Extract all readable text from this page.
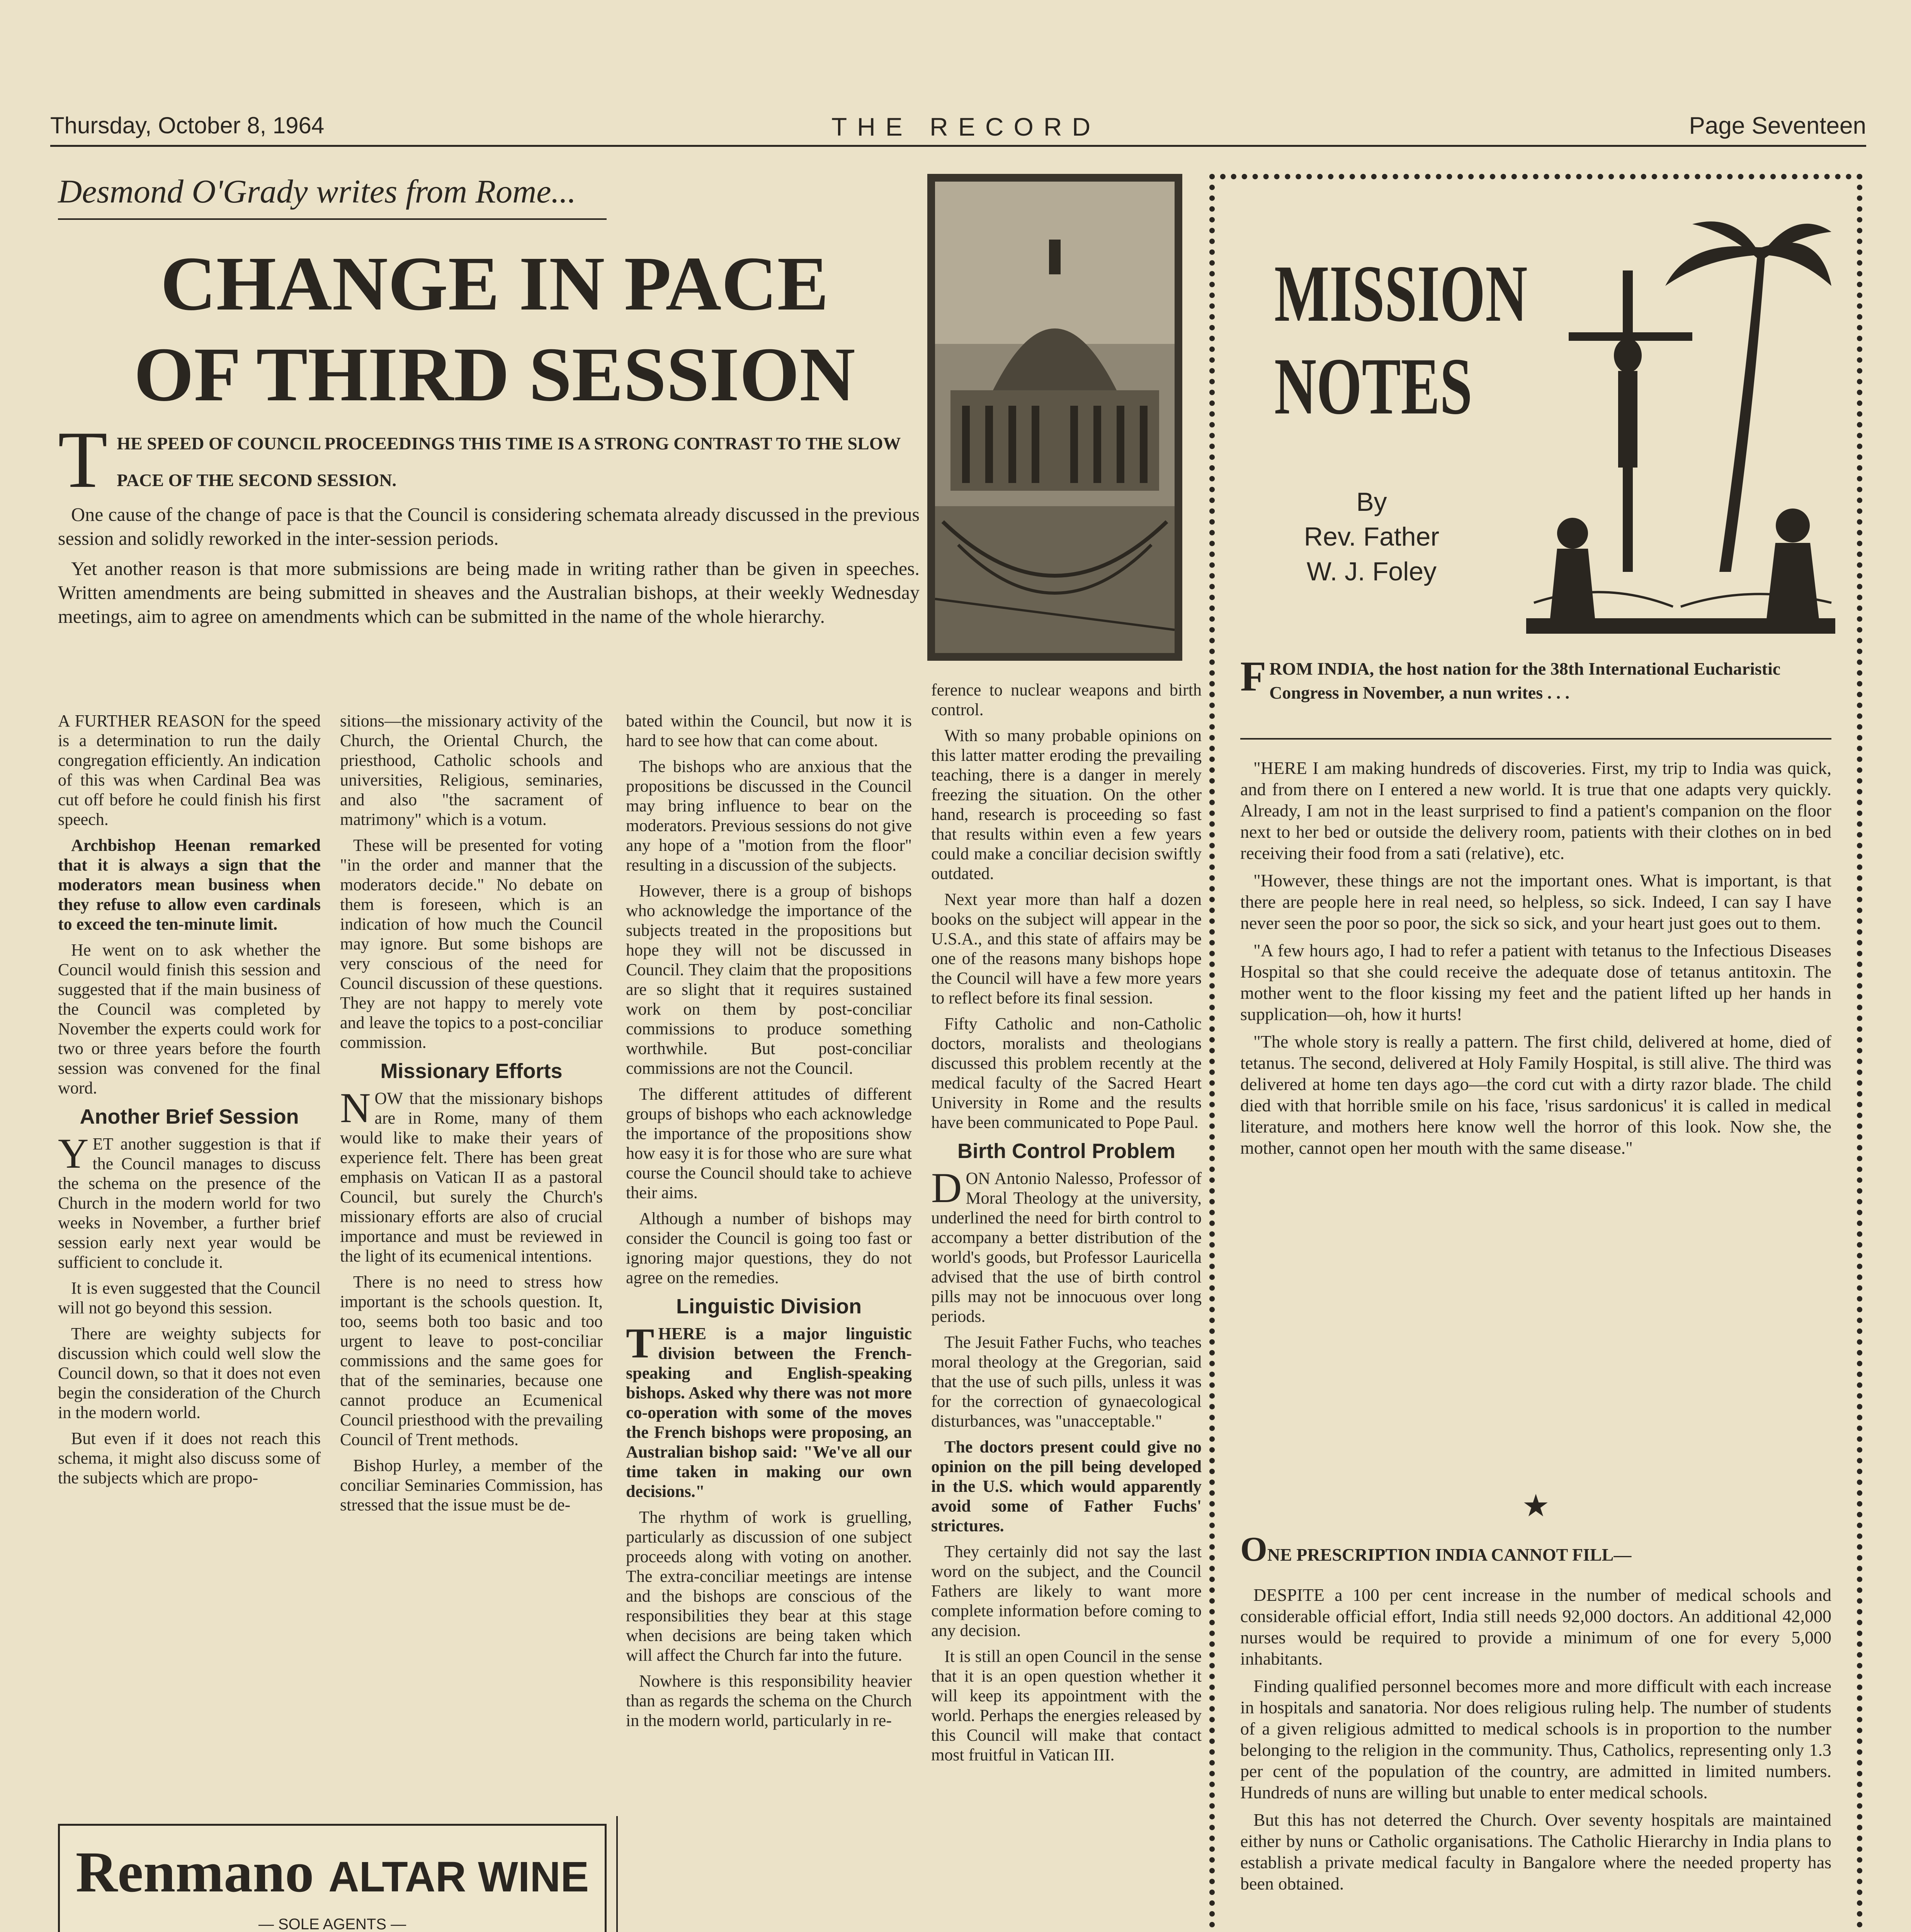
Thursday, October 8, 1964	THE RECORD	Page Seventeen
Desmond O'Grady writes from Rome...
CHANGE IN PACE
OF THIRD SESSION
T HE SPEED OF COUNCIL PROCEEDINGS THIS TIME IS A STRONG CONTRAST TO THE SLOW PACE OF THE SECOND SESSION.

One cause of the change of pace is that the Council is considering schemata already discussed in the previous session and solidly reworked in the inter-session periods.

Yet another reason is that more submissions are being made in writing rather than be given in speeches. Written amendments are being submitted in sheaves and the Australian bishops, at their weekly Wednesday meetings, aim to agree on amendments which can be submitted in the name of the whole hierarchy.

A FURTHER REASON for the speed is a determination to run the daily congregation efficiently. An indication of this was when Cardinal Bea was cut off before he could finish his first speech.

Archbishop Heenan remarked that it is always a sign that the moderators mean business when they refuse to allow even cardinals to exceed the ten-minute limit.

He went on to ask whether the Council would finish this session and suggested that if the main business of the Council was completed by November the experts could work for two or three years before the fourth session was convened for the final word.

Another Brief Session

YET another suggestion is that if the Council manages to discuss the schema on the presence of the Church in the modern world for two weeks in November, a further brief session early next year would be sufficient to conclude it.

It is even suggested that the Council will not go beyond this session.

There are weighty subjects for discussion which could well slow the Council down, so that it does not even begin the consideration of the Church in the modern world.

But even if it does not reach this schema, it might also discuss some of the subjects which are propo-

sitions—the missionary activity of the Church, the Oriental Church, the priesthood, Catholic schools and universities, Religious, seminaries, and also "the sacrament of matrimony" which is a votum.

These will be presented for voting "in the order and manner that the moderators decide." No debate on them is foreseen, which is an indication of how much the Council may ignore. But some bishops are very conscious of the need for Council discussion of these questions. They are not happy to merely vote and leave the topics to a post-conciliar commission.

Missionary Efforts

NOW that the missionary bishops are in Rome, many of them would like to make their years of experience felt. There has been great emphasis on Vatican II as a pastoral Council, but surely the Church's missionary efforts are also of crucial importance and must be reviewed in the light of its ecumenical intentions.

There is no need to stress how important is the schools question. It, too, seems both too basic and too urgent to leave to post-conciliar commissions and the same goes for that of the seminaries, because one cannot produce an Ecumenical Council priesthood with the prevailing Council of Trent methods.

Bishop Hurley, a member of the conciliar Seminaries Commission, has stressed that the issue must be de-

bated within the Council, but now it is hard to see how that can come about.

The bishops who are anxious that the propositions be discussed in the Council may bring influence to bear on the moderators. Previous sessions do not give any hope of a "motion from the floor" resulting in a discussion of the subjects.

However, there is a group of bishops who acknowledge the importance of the subjects treated in the propositions but hope they will not be discussed in Council. They claim that the propositions are so slight that it requires sustained work on them by post-conciliar commissions to produce something worthwhile. But post-conciliar commissions are not the Council.

The different attitudes of different groups of bishops who each acknowledge the importance of the propositions show how easy it is for those who are sure what course the Council should take to achieve their aims.

Although a number of bishops may consider the Council is going too fast or ignoring major questions, they do not agree on the remedies.

Linguistic Division

THERE is a major linguistic division between the French-speaking and English-speaking bishops. Asked why there was not more co-operation with some of the moves the French bishops were proposing, an Australian bishop said: "We've all our time taken in making our own decisions."

The rhythm of work is gruelling, particularly as discussion of one subject proceeds along with voting on another. The extra-conciliar meetings are intense and the bishops are conscious of the responsibilities they bear at this stage when decisions are being taken which will affect the Church far into the future.

Nowhere is this responsibility heavier than as regards the schema on the Church in the modern world, particularly in re-

ference to nuclear weapons and birth control.

With so many probable opinions on this latter matter eroding the prevailing teaching, there is a danger in merely freezing the situation. On the other hand, research is proceeding so fast that results within even a few years could make a conciliar decision swiftly outdated.

Next year more than half a dozen books on the subject will appear in the U.S.A., and this state of affairs may be one of the reasons many bishops hope the Council will have a few more years to reflect before its final session.

Fifty Catholic and non-Catholic doctors, moralists and theologians discussed this problem recently at the medical faculty of the Sacred Heart University in Rome and the results have been communicated to Pope Paul.

Birth Control Problem

DON Antonio Nalesso, Professor of Moral Theology at the university, underlined the need for birth control to accompany a better distribution of the world's goods, but Professor Lauricella advised that the use of birth control pills may not be innocuous over long periods.

The Jesuit Father Fuchs, who teaches moral theology at the Gregorian, said that the use of such pills, unless it was for the correction of gynaecological disturbances, was "unacceptable."

The doctors present could give no opinion on the pill being developed in the U.S. which would apparently avoid some of Father Fuchs' strictures.

They certainly did not say the last word on the subject, and the Council Fathers are likely to want more complete information before coming to any decision.

It is still an open Council in the sense that it is an open question whether it will keep its appointment with the world. Perhaps the energies released by this Council will make that contact most fruitful in Vatican III.

MISSION
NOTES
By
Rev. Father
W. J. Foley
F ROM INDIA, the host nation for the 38th International Eucharistic Congress in November, a nun writes . . .

"HERE I am making hundreds of discoveries. First, my trip to India was quick, and from there on I entered a new world. It is true that one adapts very quickly. Already, I am not in the least surprised to find a patient's companion on the floor next to her bed or outside the delivery room, patients with their clothes on in bed receiving their food from a sati (relative), etc.

"However, these things are not the important ones. What is important, is that there are people here in real need, so helpless, so sick. Indeed, I can say I have never seen the poor so poor, the sick so sick, and your heart just goes out to them.

"A few hours ago, I had to refer a patient with tetanus to the Infectious Diseases Hospital so that she could receive the adequate dose of tetanus antitoxin. The mother went to the floor kissing my feet and the patient lifted up her hands in supplication—oh, how it hurts!

"The whole story is really a pattern. The first child, delivered at home, died of tetanus. The second, delivered at Holy Family Hospital, is still alive. The third was delivered at home ten days ago—the cord cut with a dirty razor blade. The child died with that horrible smile on his face, 'risus sardonicus' it is called in medical literature, and mothers here know well the horror of this look. Now she, the mother, cannot open her mouth with the same disease."

★
ONE PRESCRIPTION INDIA CANNOT FILL—

DESPITE a 100 per cent increase in the number of medical schools and considerable official effort, India still needs 92,000 doctors. An additional 42,000 nurses would be required to provide a minimum of one for every 5,000 inhabitants.

Finding qualified personnel becomes more and more difficult with each increase in hospitals and sanatoria. Nor does religious ruling help. The number of students of a given religious admitted to medical schools is in proportion to the number belonging to the religion in the community. Thus, Catholics, representing only 1.3 per cent of the population of the country, are admitted in limited numbers. Hundreds of nuns are willing but unable to enter medical schools.

But this has not deterred the Church. Over seventy hospitals are maintained either by nuns or Catholic organisations. The Catholic Hierarchy in India plans to establish a private medical faculty in Bangalore where the needed property has been obtained.

Renmano ALTAR WINE
— SOLE AGENTS —
